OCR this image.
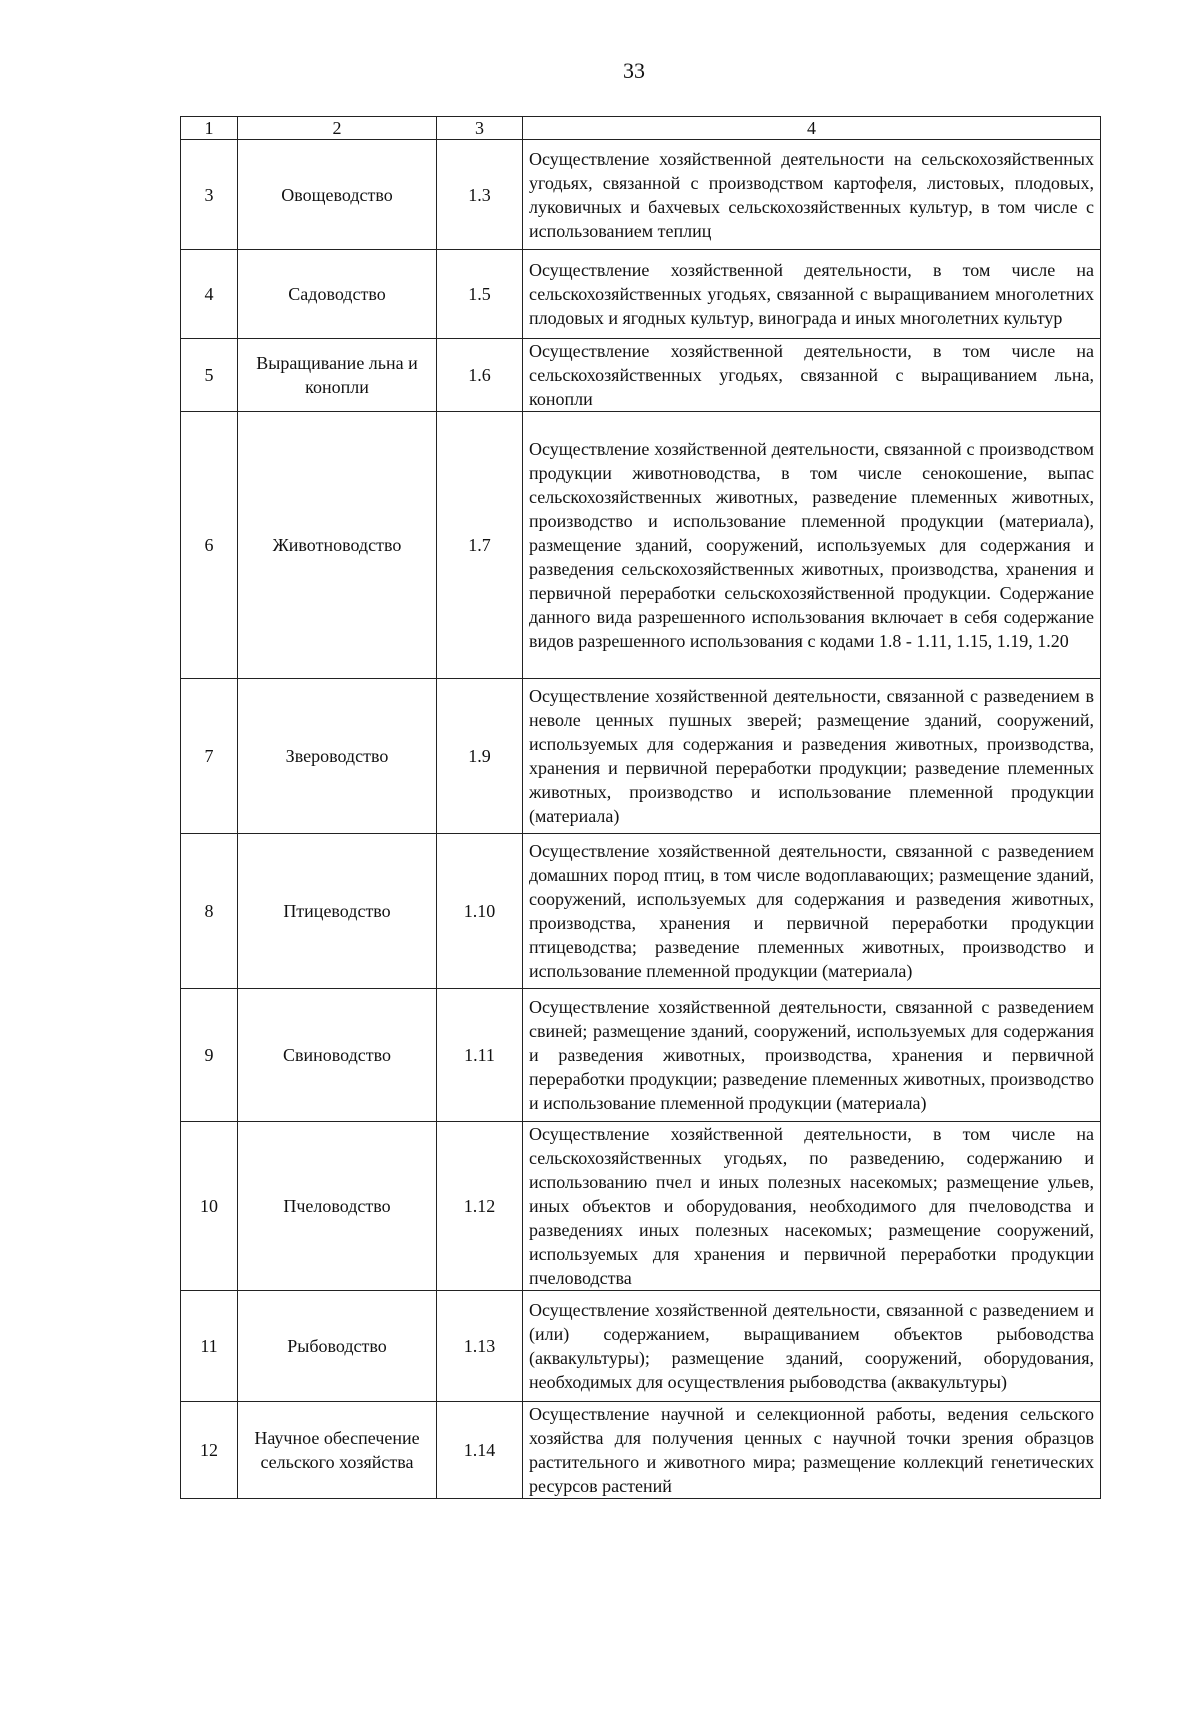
33
1	2	3	4
3	Овощеводство	1.3	Осуществление хозяйственной деятельности на сельскохозяйственных угодьях, связанной с производством картофеля, листовых, плодовых, луковичных и бахчевых сельскохозяйственных культур, в том числе с использованием теплиц
4	Садоводство	1.5	Осуществление хозяйственной деятельности, в том числе на сельскохозяйственных угодьях, связанной с выращиванием многолетних плодовых и ягодных культур, винограда и иных многолетних культур
5	Выращивание льна и конопли	1.6	Осуществление хозяйственной деятельности, в том числе на сельскохозяйственных угодьях, связанной с выращиванием льна, конопли
6	Животноводство	1.7	Осуществление хозяйственной деятельности, связанной с производством продукции животноводства, в том числе сенокошение, выпас сельскохозяйственных животных, разведение племенных животных, производство и использование племенной продукции (материала), размещение зданий, сооружений, используемых для содержания и разведения сельскохозяйственных животных, производства, хранения и первичной переработки сельскохозяйственной продукции. Содержание данного вида разрешенного использования включает в себя содержание видов разрешенного использования с кодами 1.8 - 1.11, 1.15, 1.19, 1.20
7	Звероводство	1.9	Осуществление хозяйственной деятельности, связанной с разведением в неволе ценных пушных зверей; размещение зданий, сооружений, используемых для содержания и разведения животных, производства, хранения и первичной переработки продукции; разведение племенных животных, производство и использование племенной продукции (материала)
8	Птицеводство	1.10	Осуществление хозяйственной деятельности, связанной с разведением домашних пород птиц, в том числе водоплавающих; размещение зданий, сооружений, используемых для содержания и разведения животных, производства, хранения и первичной переработки продукции птицеводства; разведение племенных животных, производство и использование племенной продукции (материала)
9	Свиноводство	1.11	Осуществление хозяйственной деятельности, связанной с разведением свиней; размещение зданий, сооружений, используемых для содержания и разведения животных, производства, хранения и первичной переработки продукции; разведение племенных животных, производство и использование племенной продукции (материала)
10	Пчеловодство	1.12	Осуществление хозяйственной деятельности, в том числе на сельскохозяйственных угодьях, по разведению, содержанию и использованию пчел и иных полезных насекомых; размещение ульев, иных объектов и оборудования, необходимого для пчеловодства и разведениях иных полезных насекомых; размещение сооружений, используемых для хранения и первичной переработки продукции пчеловодства
11	Рыбоводство	1.13	Осуществление хозяйственной деятельности, связанной с разведением и (или) содержанием, выращиванием объектов рыбоводства (аквакультуры); размещение зданий, сооружений, оборудования, необходимых для осуществления рыбоводства (аквакультуры)
12	Научное обеспечение сельского хозяйства	1.14	Осуществление научной и селекционной работы, ведения сельского хозяйства для получения ценных с научной точки зрения образцов растительного и животного мира; размещение коллекций генетических ресурсов растений
